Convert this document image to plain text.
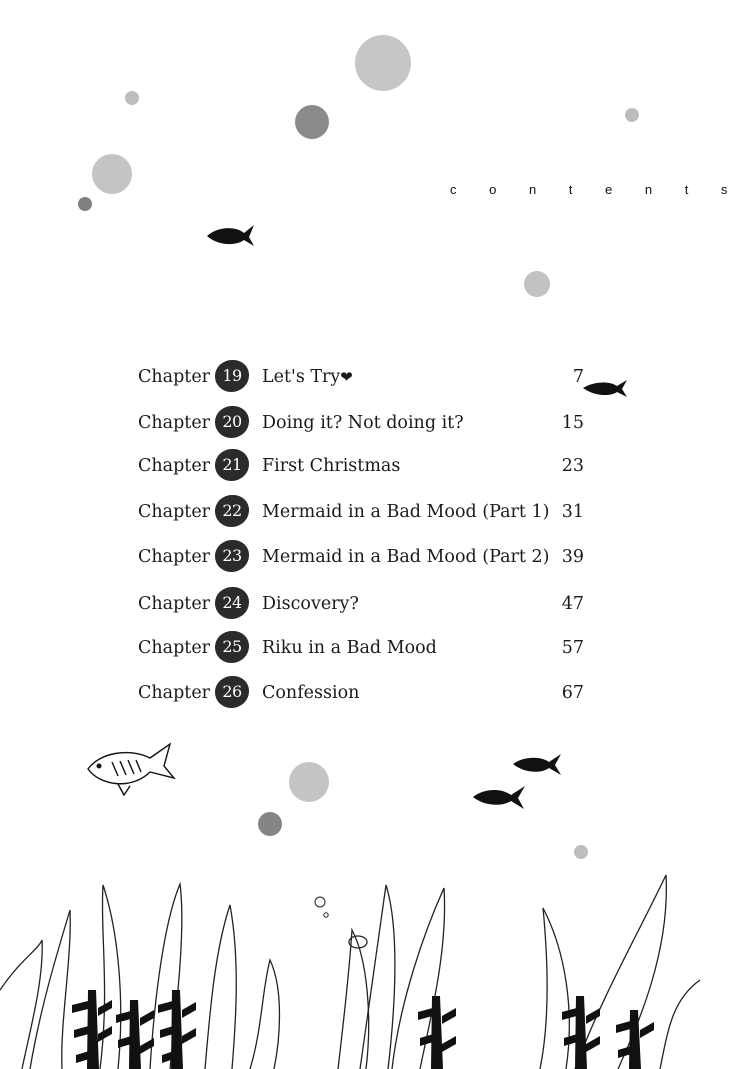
c o n t e n t s
Chapter 19	Let's Try❤	7
Chapter 20	Doing it? Not doing it?	15
Chapter 21	First Christmas	23
Chapter 22	Mermaid in a Bad Mood (Part 1) 31
Chapter 23	Mermaid in a Bad Mood (Part 2) 39
Chapter 24	Discovery?	47
Chapter 25	Riku in a Bad Mood	57
Chapter 26	Confession	67
